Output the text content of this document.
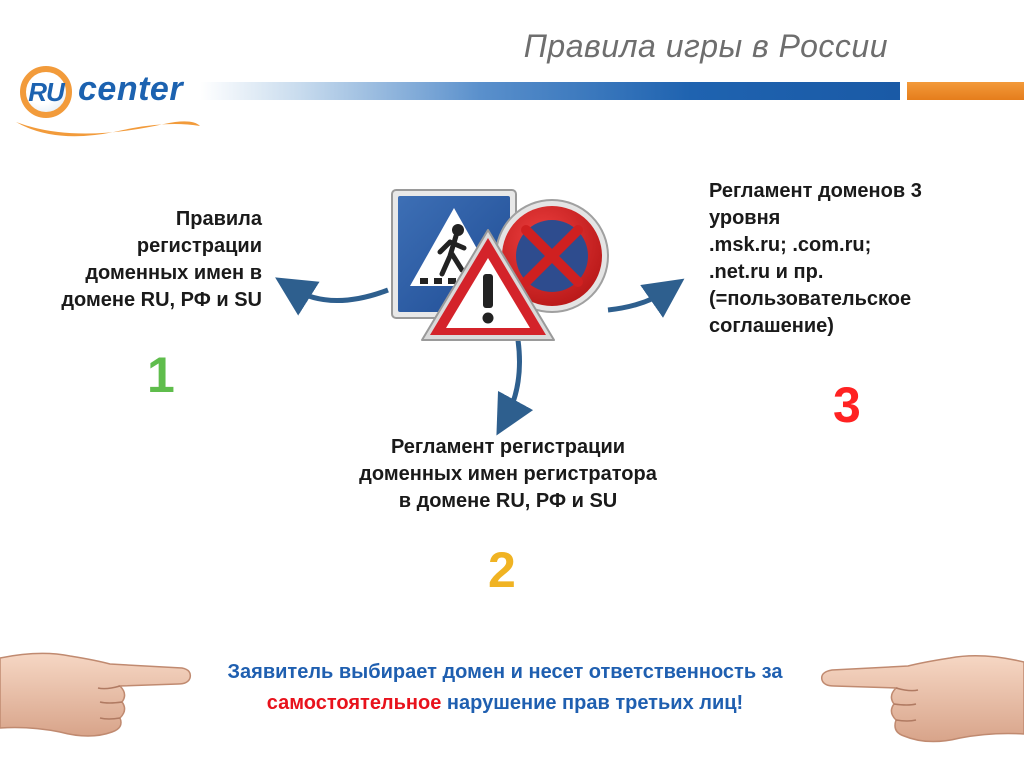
Правила игры в России
RU center
Правила
регистрации
доменных имен в
домене RU, РФ и SU
1
Регламент регистрации
доменных имен регистратора
в домене RU, РФ и SU
2
Регламент доменов 3
уровня
.msk.ru; .com.ru;
.net.ru и пр.
(=пользовательское
соглашение)
3
Заявитель выбирает домен и несет ответственность за самостоятельное нарушение прав третьих лиц!
